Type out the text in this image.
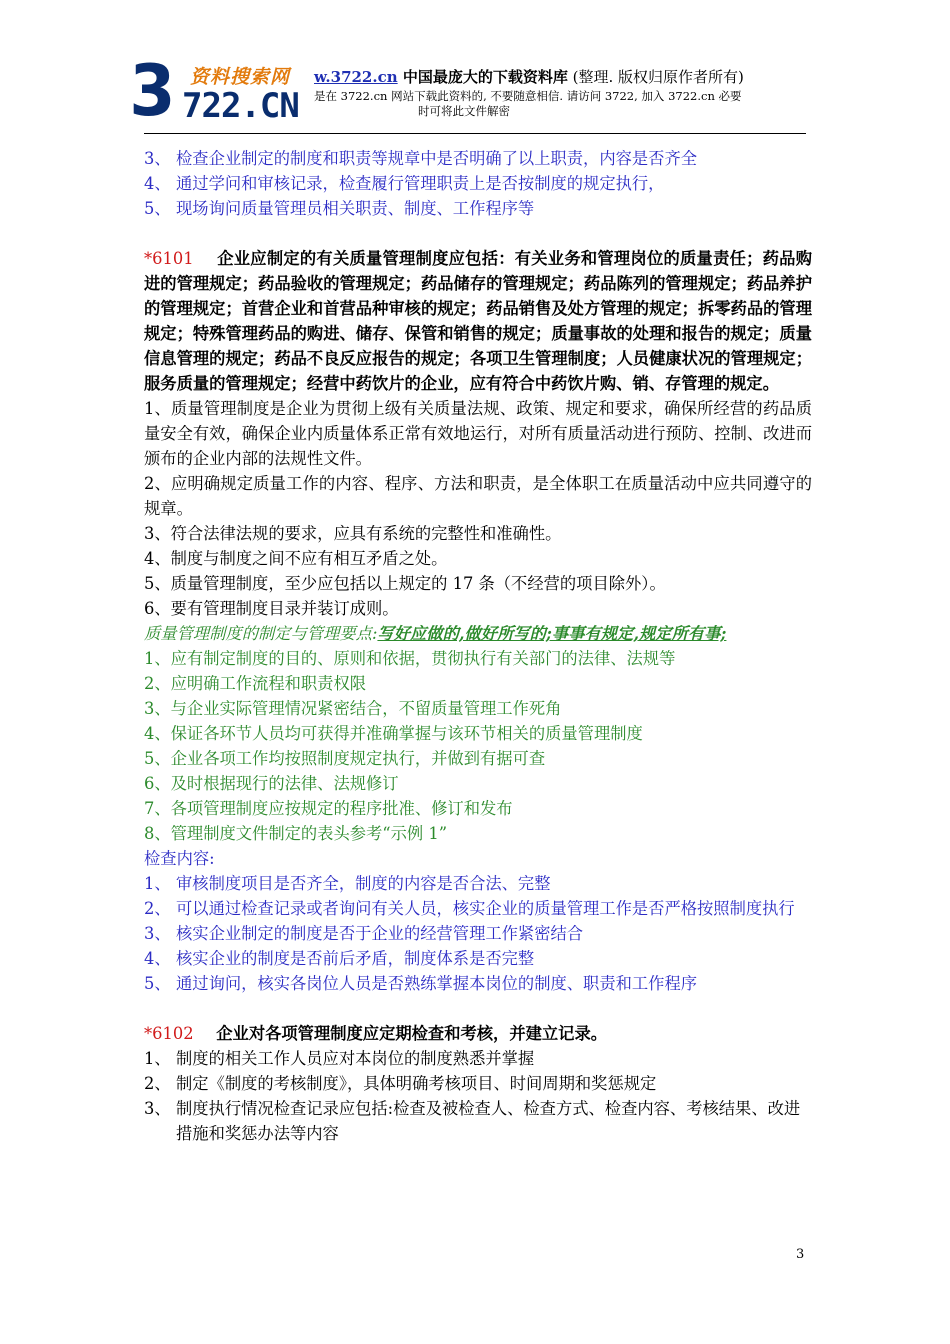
3 资料搜索网
722.CN
w.3722.cn 中国最庞大的下载资料库 (整理. 版权归原作者所有)
是在 3722.cn 网站下载此资料的, 不要随意相信. 请访问 3722, 加入 3722.cn 必要
时可将此文件解密
3、 检查企业制定的制度和职责等规章中是否明确了以上职责，内容是否齐全
4、 通过学问和审核记录，检查履行管理职责上是否按制度的规定执行，
5、 现场询问质量管理员相关职责、制度、工作程序等
*6101 企业应制定的有关质量管理制度应包括：有关业务和管理岗位的质量责任；药品购进的管理规定；药品验收的管理规定；药品储存的管理规定；药品陈列的管理规定；药品养护的管理规定；首营企业和首营品种审核的规定；药品销售及处方管理的规定；拆零药品的管理规定；特殊管理药品的购进、储存、保管和销售的规定；质量事故的处理和报告的规定；质量信息管理的规定；药品不良反应报告的规定；各项卫生管理制度；人员健康状况的管理规定；服务质量的管理规定；经营中药饮片的企业，应有符合中药饮片购、销、存管理的规定。
1、质量管理制度是企业为贯彻上级有关质量法规、政策、规定和要求，确保所经营的药品质量安全有效，确保企业内质量体系正常有效地运行，对所有质量活动进行预防、控制、改进而颁布的企业内部的法规性文件。
2、应明确规定质量工作的内容、程序、方法和职责，是全体职工在质量活动中应共同遵守的规章。
3、符合法律法规的要求，应具有系统的完整性和准确性。
4、制度与制度之间不应有相互矛盾之处。
5、质量管理制度，至少应包括以上规定的 17 条（不经营的项目除外）。
6、要有管理制度目录并装订成则。
质量管理制度的制定与管理要点:写好应做的,做好所写的;事事有规定,规定所有事;
1、应有制定制度的目的、原则和依据，贯彻执行有关部门的法律、法规等
2、应明确工作流程和职责权限
3、与企业实际管理情况紧密结合，不留质量管理工作死角
4、保证各环节人员均可获得并准确掌握与该环节相关的质量管理制度
5、企业各项工作均按照制度规定执行，并做到有据可查
6、及时根据现行的法律、法规修订
7、各项管理制度应按规定的程序批准、修订和发布
8、管理制度文件制定的表头参考“示例 1”
检查内容:
1、 审核制度项目是否齐全，制度的内容是否合法、完整
2、 可以通过检查记录或者询问有关人员，核实企业的质量管理工作是否严格按照制度执行
3、 核实企业制定的制度是否于企业的经营管理工作紧密结合
4、 核实企业的制度是否前后矛盾，制度体系是否完整
5、 通过询问，核实各岗位人员是否熟练掌握本岗位的制度、职责和工作程序
*6102 企业对各项管理制度应定期检查和考核，并建立记录。
1、 制度的相关工作人员应对本岗位的制度熟悉并掌握
2、 制定《制度的考核制度》，具体明确考核项目、时间周期和奖惩规定
3、 制度执行情况检查记录应包括:检查及被检查人、检查方式、检查内容、考核结果、改进措施和奖惩办法等内容
3
